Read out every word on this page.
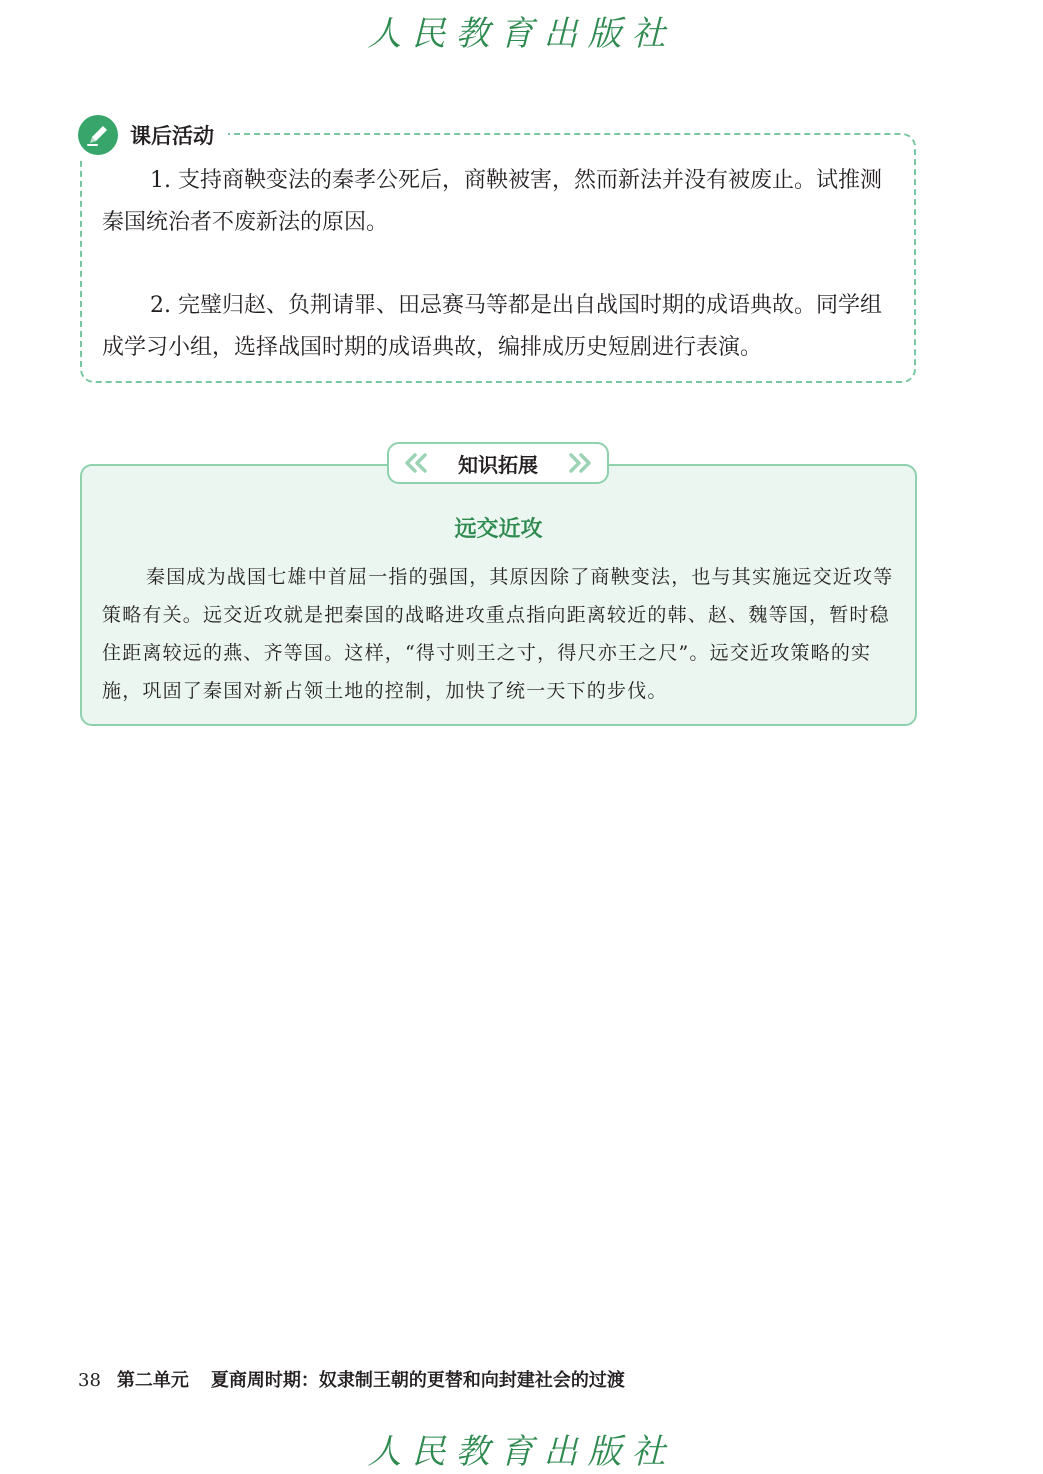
人民教育出版社
课后活动

1. 支持商鞅变法的秦孝公死后，商鞅被害，然而新法并没有被废止。试推测秦国统治者不废新法的原因。

2. 完璧归赵、负荆请罪、田忌赛马等都是出自战国时期的成语典故。同学组成学习小组，选择战国时期的成语典故，编排成历史短剧进行表演。

知识拓展
远交近攻

秦国成为战国七雄中首屈一指的强国，其原因除了商鞅变法，也与其实施远交近攻等策略有关。远交近攻就是把秦国的战略进攻重点指向距离较近的韩、赵、魏等国，暂时稳住距离较远的燕、齐等国。这样，“得寸则王之寸，得尺亦王之尺”。远交近攻策略的实施，巩固了秦国对新占领土地的控制，加快了统一天下的步伐。

38 第二单元 夏商周时期：奴隶制王朝的更替和向封建社会的过渡
人民教育出版社
